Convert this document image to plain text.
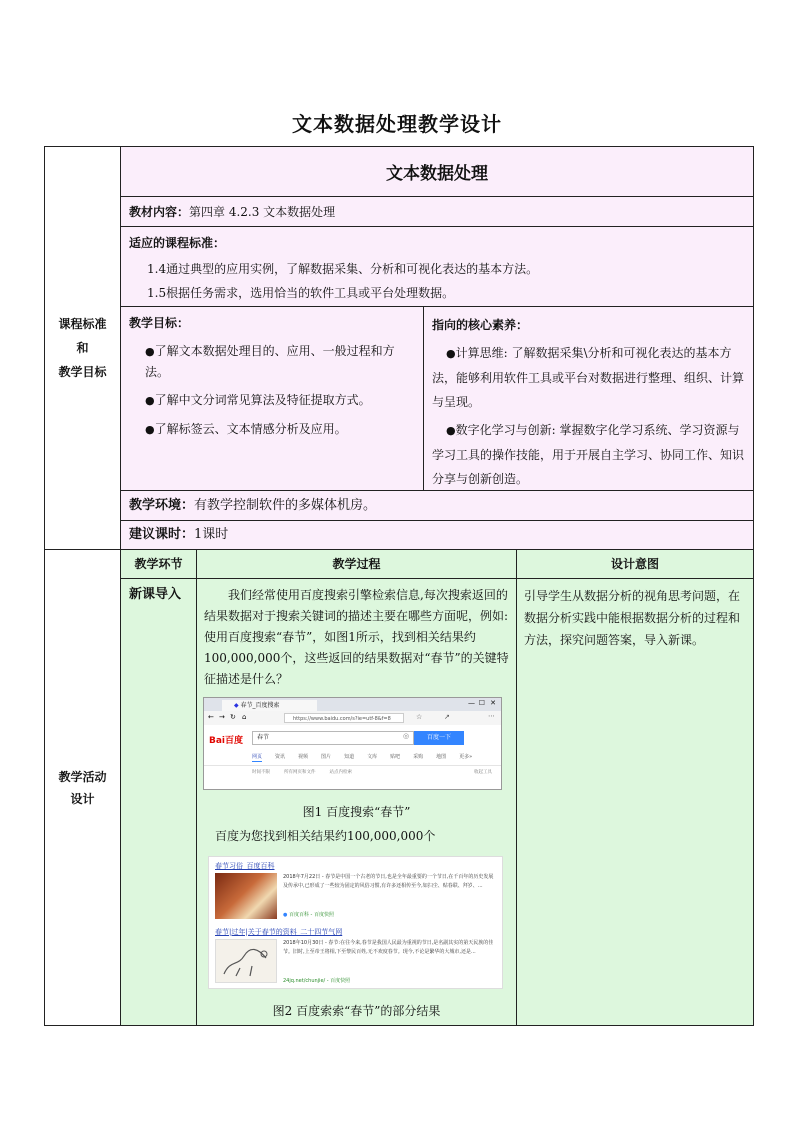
文本数据处理教学设计
课程标准
和
教学目标
文本数据处理
教材内容： 第四章 4.2.3 文本数据处理
适应的课程标准：
1.4通过典型的应用实例，了解数据采集、分析和可视化表达的基本方法。
1.5根据任务需求，选用恰当的软件工具或平台处理数据。
教学目标：
● 了解文本数据处理目的、应用、一般过程和方法。
● 了解中文分词常见算法及特征提取方式。
● 了解标签云、文本情感分析及应用。
指向的核心素养：
● 计算思维: 了解数据采集\分析和可视化表达的基本方法，能够利用软件工具或平台对数据进行整理、组织、计算与呈现。
● 数字化学习与创新: 掌握数字化学习系统、学习资源与学习工具的操作技能，用于开展自主学习、协同工作、知识分享与创新创造。
教学环境： 有教学控制软件的多媒体机房。
建议课时： 1课时
教学活动
设计
教学环节	教学过程	设计意图
新课导入	我们经常使用百度搜索引擎检索信息,每次搜索返回的结果数据对于搜索关键词的描述主要在哪些方面呢，例如: 使用百度搜索“春节”，如图1所示，找到相关结果约100,000,000个，这些返回的结果数据对“春节”的关键特征描述是什么？
引导学生从数据分析的视角思考问题，在数据分析实践中能根据数据分析的过程和方法，探究问题答案，导入新课。
◆ 春节_百度搜索	— ☐ ✕
← → ↻ ⌂	https://www.baidu.com/s?ie=utf-8&f=8	☆	↗	⋯
Bai百度	春节	◎	百度一下
网页	资讯	视频	图片	知道	文库	贴吧	采购	地图	更多»
时间不限	所有网页和文件	站点内检索	收起工具
图1 百度搜索“春节”
百度为您找到相关结果约100,000,000个
春节习俗_百度百科
2018年7月22日 - 春节是中国一个古老的节日,也是全年最重要的一个节日,在千百年的历史发展及传承中,已形成了一些较为固定的风俗习惯,有许多还相传至今,如扫尘、贴春联、拜岁、...
● 百度百科 - 百度快照
春节|过年|关于春节的资料_二十四节气网
2018年10月30日 - 春节:在往今来,春节是我国人民最为重视的节日,是名副其实的第天民族的佳节。旧时,上至帝王将相,下至黎民百姓,无不欢度春节。现今,不论是繁华的大城市,还是...
24jq.net/chunjie/ - 百度快照
图2 百度索索“春节”的部分结果
